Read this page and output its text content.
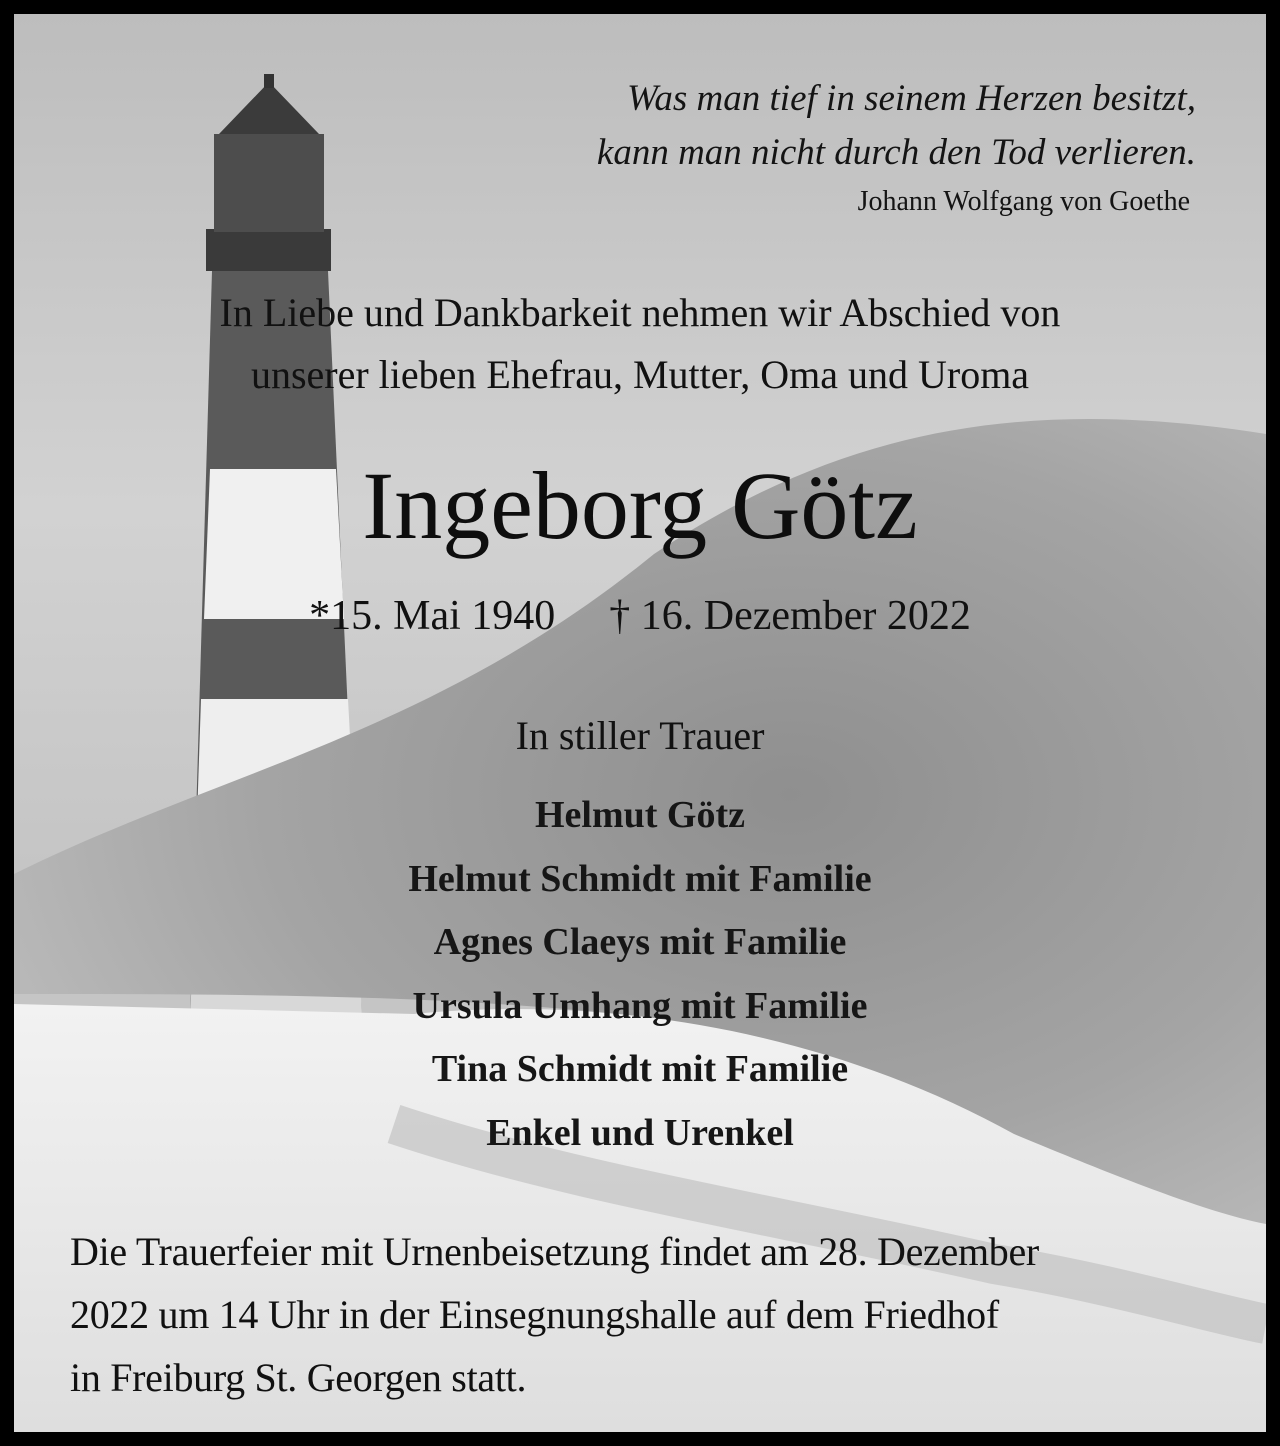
Was man tief in seinem Herzen besitzt,
kann man nicht durch den Tod verlieren.
Johann Wolfgang von Goethe
In Liebe und Dankbarkeit nehmen wir Abschied von
unserer lieben Ehefrau, Mutter, Oma und Uroma
Ingeborg Götz
*15. Mai 1940 † 16. Dezember 2022
In stiller Trauer
Helmut Götz
Helmut Schmidt mit Familie
Agnes Claeys mit Familie
Ursula Umhang mit Familie
Tina Schmidt mit Familie
Enkel und Urenkel
Die Trauerfeier mit Urnenbeisetzung findet am 28. Dezember
2022 um 14 Uhr in der Einsegnungshalle auf dem Friedhof
in Freiburg St. Georgen statt.
